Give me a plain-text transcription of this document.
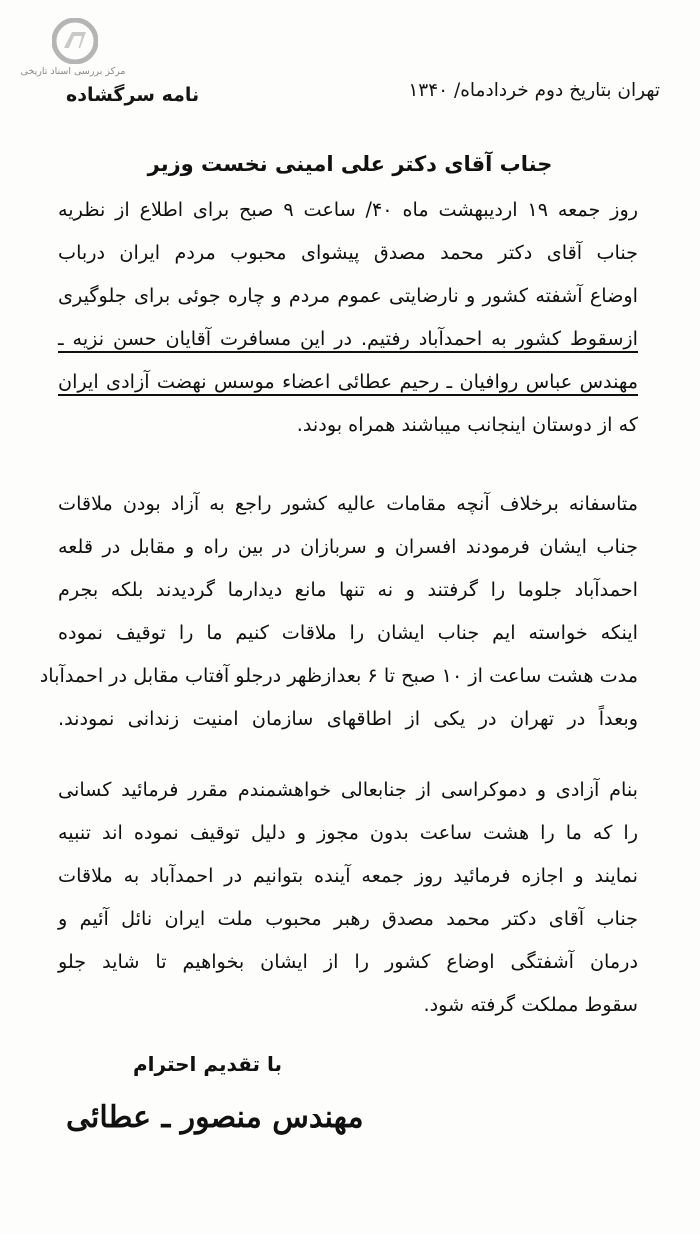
مرکز بررسی اسناد تاریخی
تهران بتاریخ دوم خردادماه/ ۱۳۴۰
نامه سرگشاده
جناب آقای دکتر علی امینی نخست وزیر
روز جمعه ۱۹ اردیبهشت ماه ۴۰/ ساعت ۹ صبح برای اطلاع از نظریه
جناب آقای دکتر محمد مصدق پیشوای محبوب مردم ایران درباب
اوضاع آشفته کشور و نارضایتی عموم مردم و چاره جوئی برای جلوگیری
ازسقوط کشور به احمدآباد رفتیم. در این مسافرت آقایان حسن نزیه ـ
مهندس عباس روافیان ـ رحیم عطائی اعضاء موسس نهضت آزادی ایران
که از دوستان اینجانب میباشند همراه بودند.
متاسفانه برخلاف آنچه مقامات عالیه کشور راجع به آزاد بودن ملاقات
جناب ایشان فرمودند افسران و سربازان در بین راه و مقابل در قلعه
احمدآباد جلوما را گرفتند و نه تنها مانع دیدارما گردیدند بلکه بجرم
اینکه خواسته ایم جناب ایشان را ملاقات کنیم ما را توقیف نموده
مدت هشت ساعت از ۱۰ صبح تا ۶ بعدازظهر درجلو آفتاب مقابل در احمدآباد
وبعداً در تهران در یکی از اطاقهای سازمان امنیت زندانی نمودند.
بنام آزادی و دموکراسی از جنابعالی خواهشمندم مقرر فرمائید کسانی
را که ما را هشت ساعت بدون مجوز و دلیل توقیف نموده اند تنبیه
نمایند و اجازه فرمائید روز جمعه آینده بتوانیم در احمدآباد به ملاقات
جناب آقای دکتر محمد مصدق رهبر محبوب ملت ایران نائل آئیم و
درمان آشفتگی اوضاع کشور را از ایشان بخواهیم تا شاید جلو
سقوط مملکت گرفته شود.
با تقدیم احترام
مهندس منصور ـ عطائی
